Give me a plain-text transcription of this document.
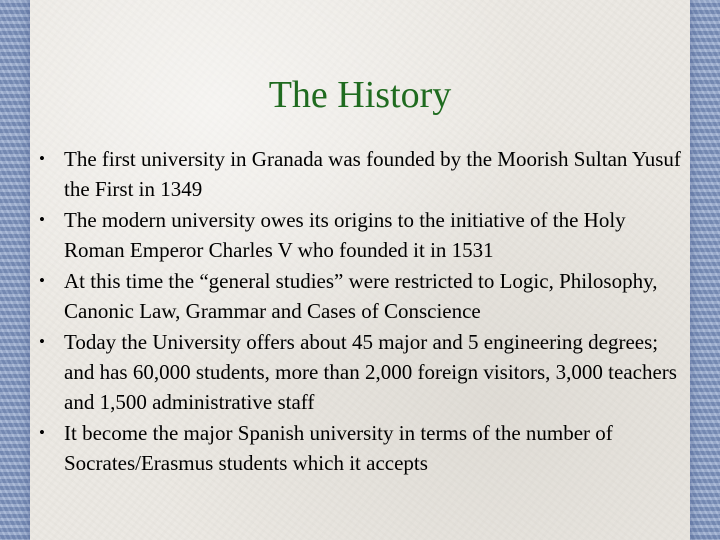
The History
• The first university in Granada was founded by the Moorish Sultan Yusuf the First in 1349
• The modern university owes its origins to the initiative of the Holy Roman Emperor Charles V who founded it in 1531
• At this time the “general studies” were restricted to Logic, Philosophy, Canonic Law, Grammar and Cases of Conscience
• Today the University offers about 45 major and 5 engineering degrees; and has 60,000 students, more than 2,000 foreign visitors, 3,000 teachers and 1,500 administrative staff
• It become the major Spanish university in terms of the number of Socrates/Erasmus students which it accepts
